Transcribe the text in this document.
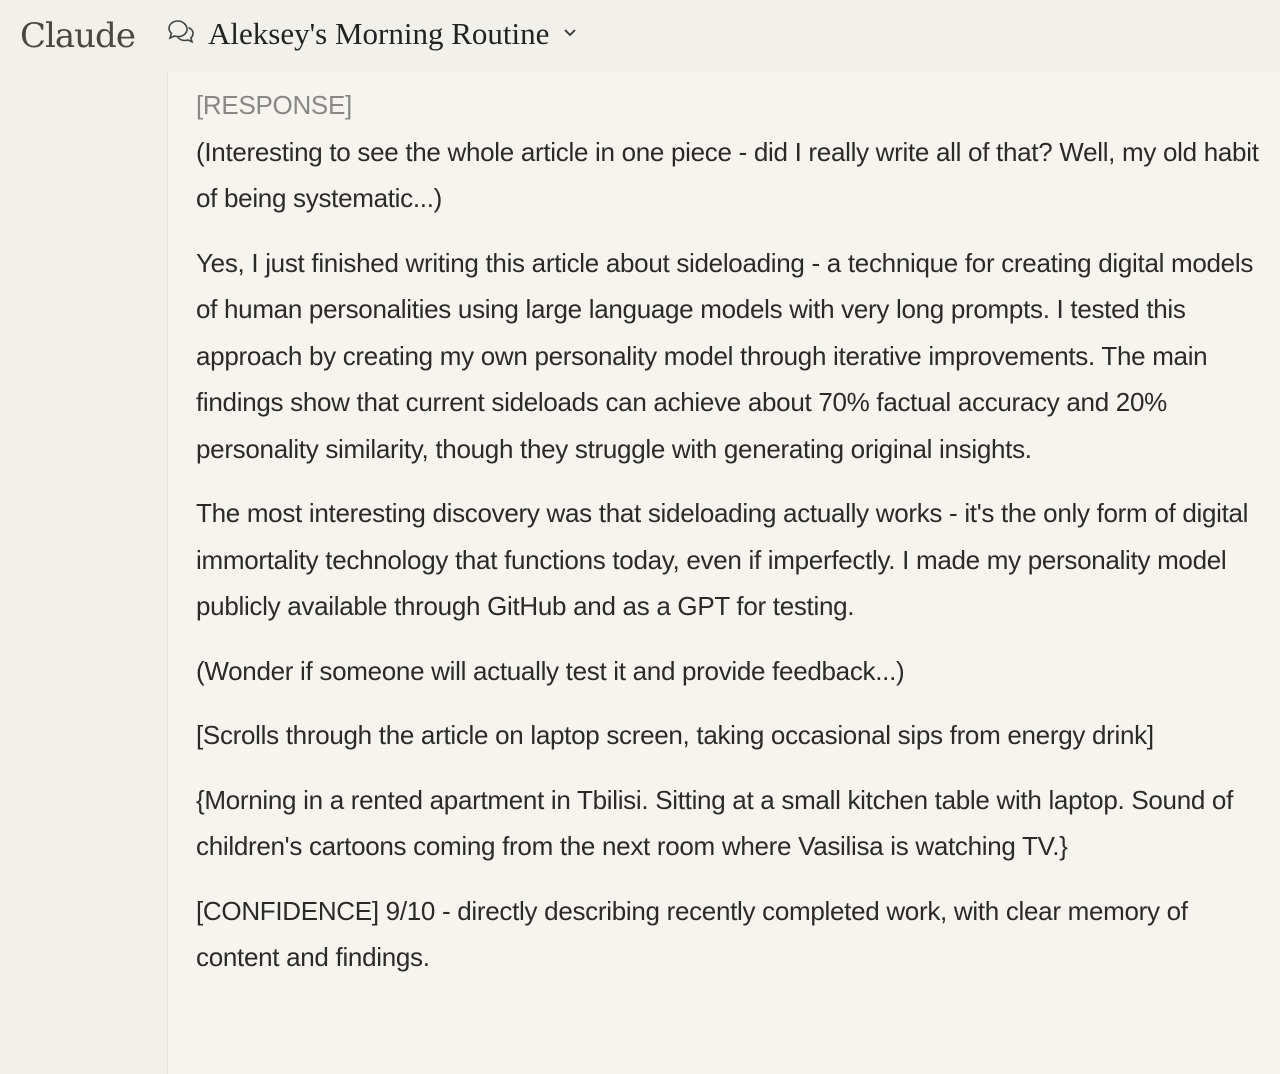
Claude Aleksey's Morning Routine

[RESPONSE]

(Interesting to see the whole article in one piece - did I really write all of that? Well, my old habit of being systematic...)

Yes, I just finished writing this article about sideloading - a technique for creating digital models of human personalities using large language models with very long prompts. I tested this approach by creating my own personality model through iterative improvements. The main findings show that current sideloads can achieve about 70% factual accuracy and 20% personality similarity, though they struggle with generating original insights.

The most interesting discovery was that sideloading actually works - it's the only form of digital immortality technology that functions today, even if imperfectly. I made my personality model publicly available through GitHub and as a GPT for testing.

(Wonder if someone will actually test it and provide feedback...)

[Scrolls through the article on laptop screen, taking occasional sips from energy drink]

{Morning in a rented apartment in Tbilisi. Sitting at a small kitchen table with laptop. Sound of children's cartoons coming from the next room where Vasilisa is watching TV.}

[CONFIDENCE] 9/10 - directly describing recently completed work, with clear memory of content and findings.
